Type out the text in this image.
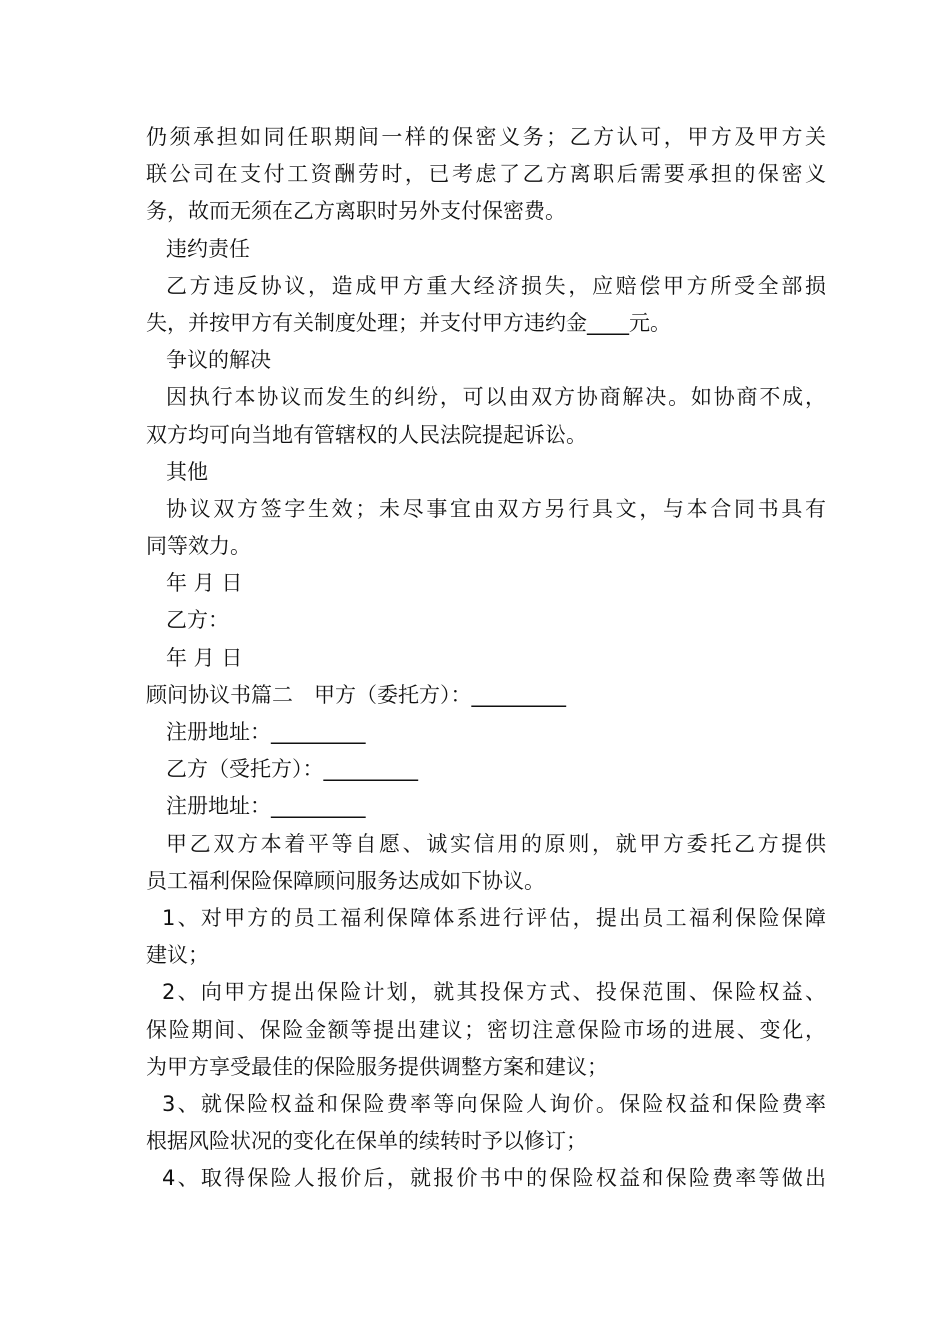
仍须承担如同任职期间一样的保密义务；乙方认可，甲方及甲方关
联公司在支付工资酬劳时，已考虑了乙方离职后需要承担的保密义
务，故而无须在乙方离职时另外支付保密费。
违约责任
乙方违反协议，造成甲方重大经济损失，应赔偿甲方所受全部损
失，并按甲方有关制度处理；并支付甲方违约金____元。
争议的解决
因执行本协议而发生的纠纷，可以由双方协商解决。如协商不成，
双方均可向当地有管辖权的人民法院提起诉讼。
其他
协议双方签字生效；未尽事宜由双方另行具文，与本合同书具有
同等效力。
年 月 日
乙方：
年 月 日
顾问协议书篇二　甲方（委托方）：_________
注册地址：_________
乙方（受托方）：_________
注册地址：_________
甲乙双方本着平等自愿、诚实信用的原则，就甲方委托乙方提供
员工福利保险保障顾问服务达成如下协议。
1、对甲方的员工福利保障体系进行评估，提出员工福利保险保障
建议；
2、向甲方提出保险计划，就其投保方式、投保范围、保险权益、
保险期间、保险金额等提出建议；密切注意保险市场的进展、变化，
为甲方享受最佳的保险服务提供调整方案和建议；
3、就保险权益和保险费率等向保险人询价。保险权益和保险费率
根据风险状况的变化在保单的续转时予以修订；
4、取得保险人报价后，就报价书中的保险权益和保险费率等做出
